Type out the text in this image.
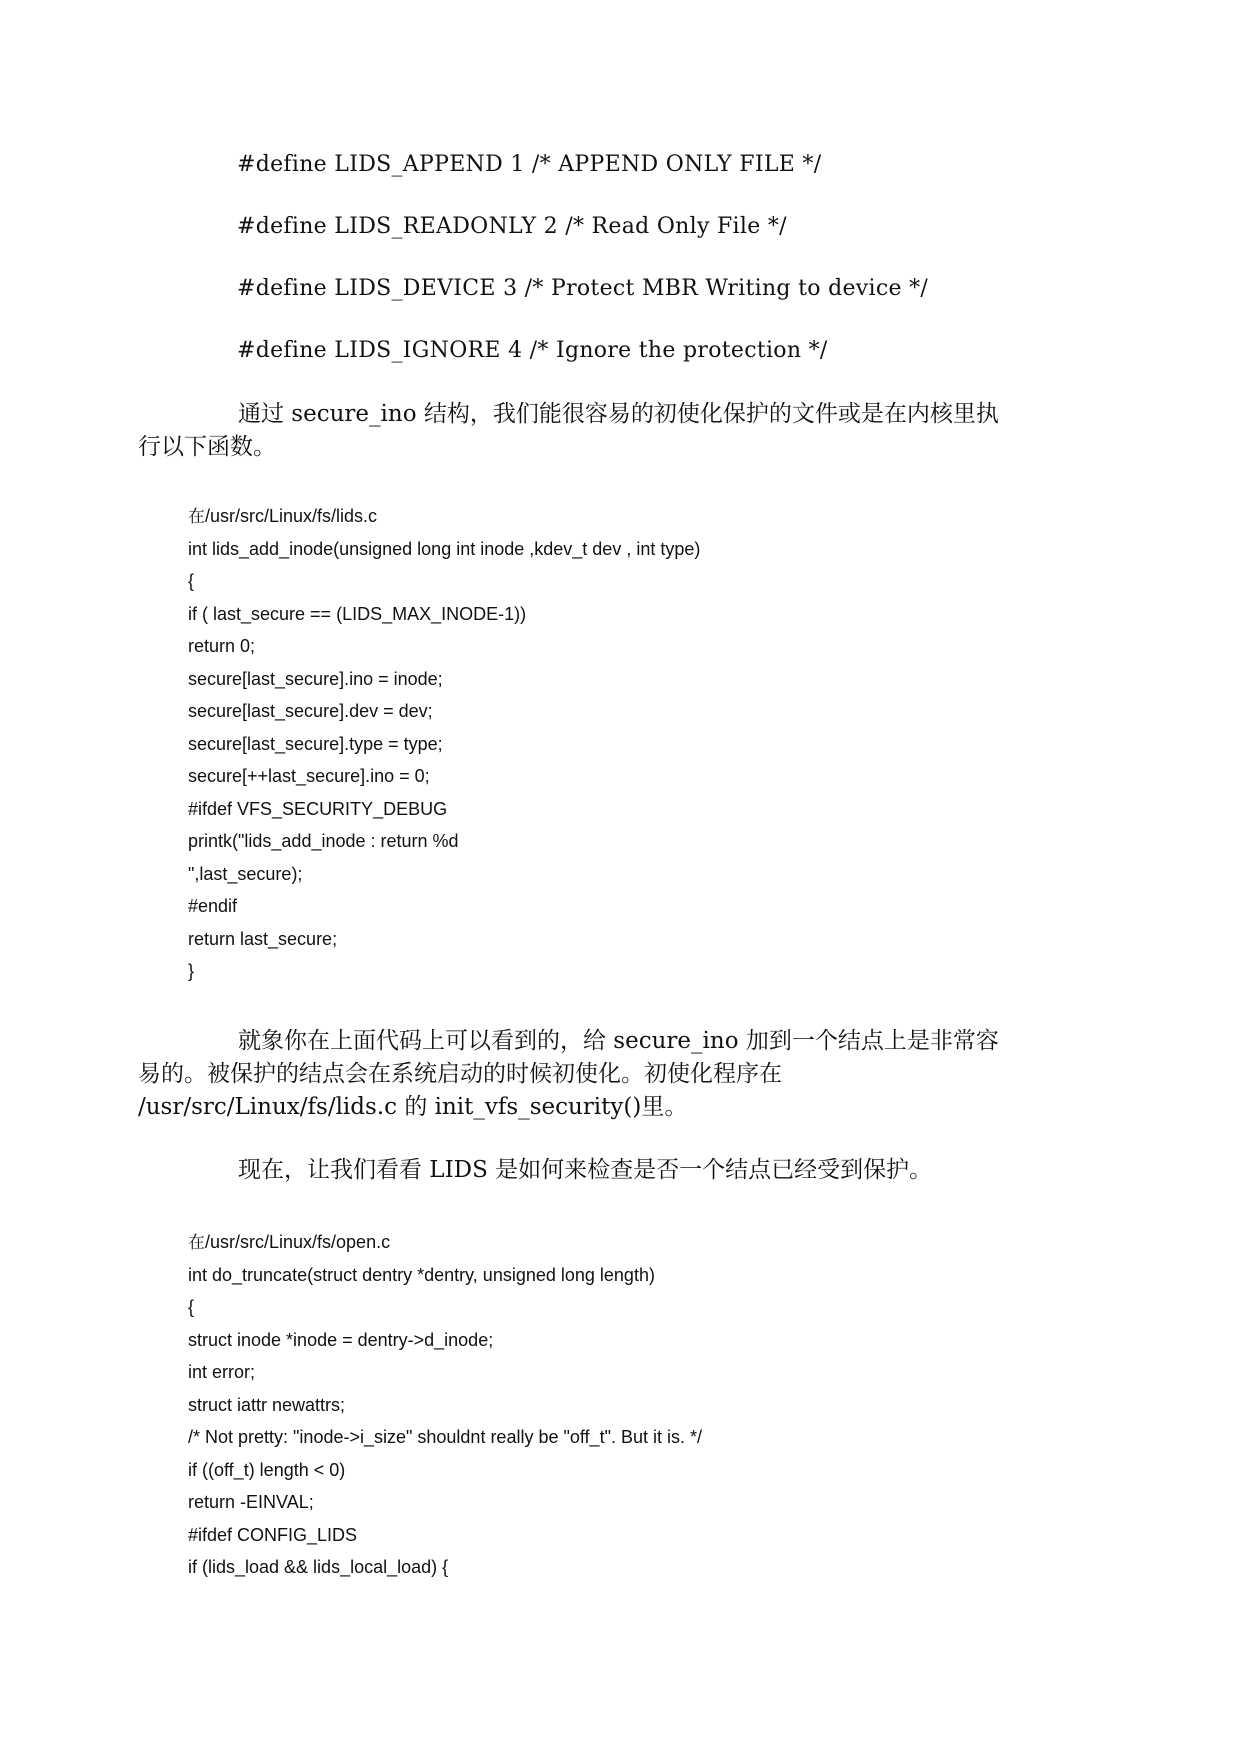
#define LIDS_APPEND 1 /* APPEND ONLY FILE */
#define LIDS_READONLY 2 /* Read Only File */
#define LIDS_DEVICE 3 /* Protect MBR Writing to device */
#define LIDS_IGNORE 4 /* Ignore the protection */
通过 secure_ino 结构，我们能很容易的初使化保护的文件或是在内核里执
行以下函数。
在/usr/src/Linux/fs/lids.c
int lids_add_inode(unsigned long int inode ,kdev_t dev , int type)
{
if ( last_secure == (LIDS_MAX_INODE-1))
return 0;
secure[last_secure].ino = inode;
secure[last_secure].dev = dev;
secure[last_secure].type = type;
secure[++last_secure].ino = 0;
#ifdef VFS_SECURITY_DEBUG
printk("lids_add_inode : return %d
",last_secure);
#endif
return last_secure;
}
就象你在上面代码上可以看到的，给 secure_ino 加到一个结点上是非常容
易的。被保护的结点会在系统启动的时候初使化。初使化程序在
/usr/src/Linux/fs/lids.c 的 init_vfs_security()里。
现在，让我们看看 LIDS 是如何来检查是否一个结点已经受到保护。
在/usr/src/Linux/fs/open.c
int do_truncate(struct dentry *dentry, unsigned long length)
{
struct inode *inode = dentry->d_inode;
int error;
struct iattr newattrs;
/* Not pretty: "inode->i_size" shouldnt really be "off_t". But it is. */
if ((off_t) length < 0)
return -EINVAL;
#ifdef CONFIG_LIDS
if (lids_load && lids_local_load) {
